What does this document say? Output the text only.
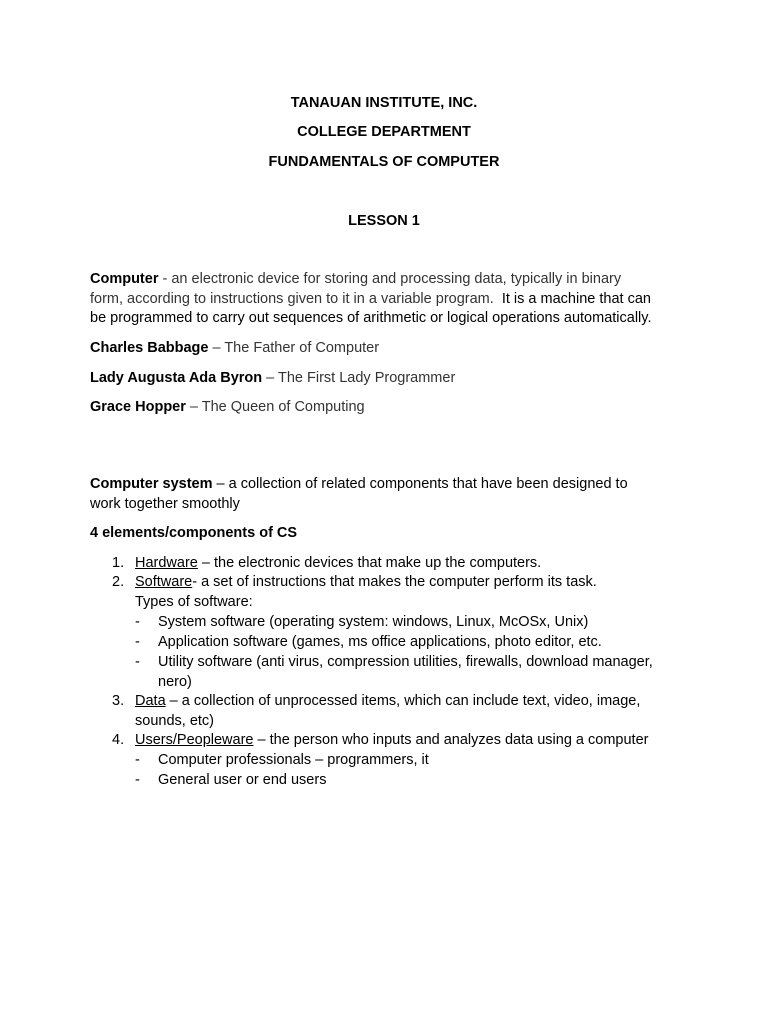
TANAUAN INSTITUTE, INC.
COLLEGE DEPARTMENT
FUNDAMENTALS OF COMPUTER
LESSON 1
Computer - an electronic device for storing and processing data, typically in binary
form, according to instructions given to it in a variable program.  It is a machine that can
be programmed to carry out sequences of arithmetic or logical operations automatically.
Charles Babbage – The Father of Computer
Lady Augusta Ada Byron – The First Lady Programmer
Grace Hopper – The Queen of Computing
Computer system – a collection of related components that have been designed to
work together smoothly
4 elements/components of CS
1. Hardware – the electronic devices that make up the computers.
2. Software- a set of instructions that makes the computer perform its task.
Types of software:
- System software (operating system: windows, Linux, McOSx, Unix)
- Application software (games, ms office applications, photo editor, etc.
- Utility software (anti virus, compression utilities, firewalls, download manager,
nero)
3. Data – a collection of unprocessed items, which can include text, video, image,
sounds, etc)
4. Users/Peopleware – the person who inputs and analyzes data using a computer
- Computer professionals – programmers, it
- General user or end users
